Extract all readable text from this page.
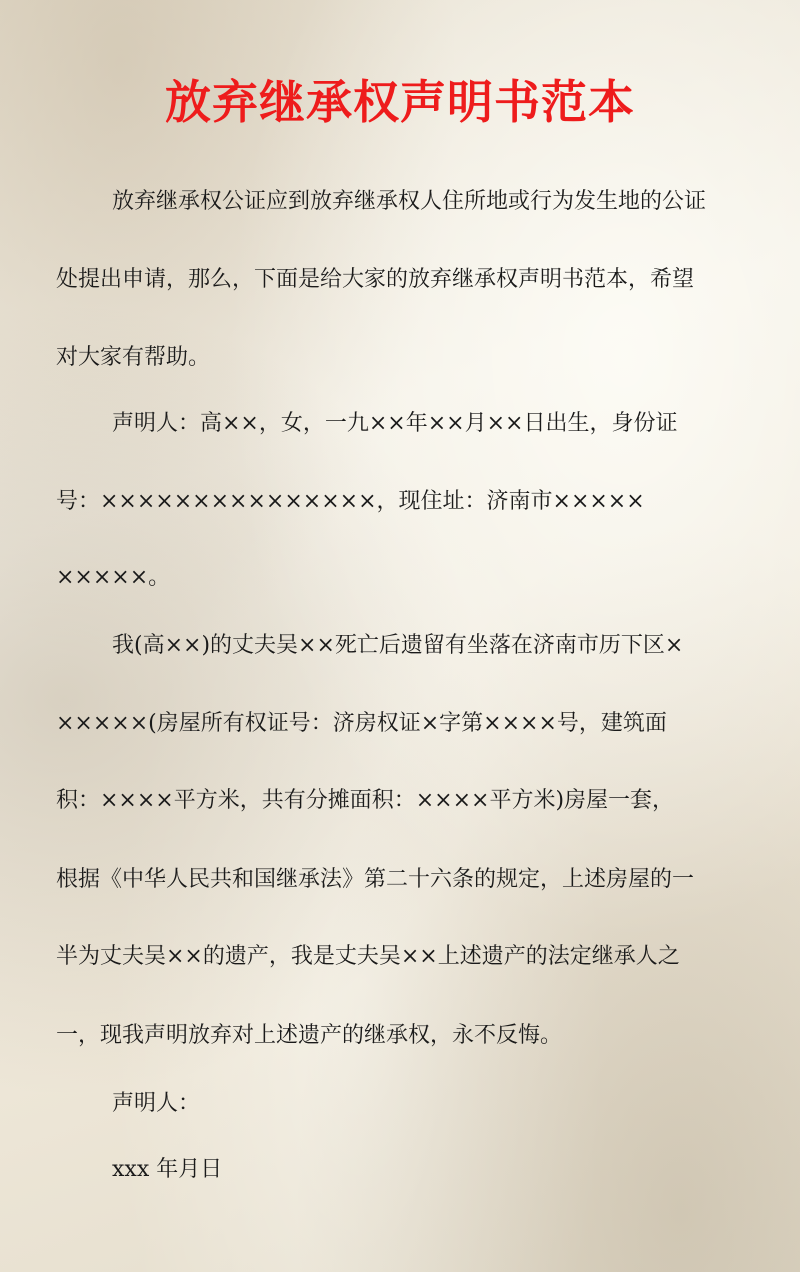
放弃继承权声明书范本
放弃继承权公证应到放弃继承权人住所地或行为发生地的公证
处提出申请，那么，下面是给大家的放弃继承权声明书范本，希望
对大家有帮助。
声明人：高××，女，一九××年××月××日出生，身份证
号：×××××××××××××××，现住址：济南市×××××
×××××。
我(高××)的丈夫吴××死亡后遗留有坐落在济南市历下区×
×××××(房屋所有权证号：济房权证×字第××××号，建筑面
积：××××平方米，共有分摊面积：××××平方米)房屋一套，
根据《中华人民共和国继承法》第二十六条的规定，上述房屋的一
半为丈夫吴××的遗产，我是丈夫吴××上述遗产的法定继承人之
一，现我声明放弃对上述遗产的继承权，永不反悔。
声明人：
xxx 年月日
